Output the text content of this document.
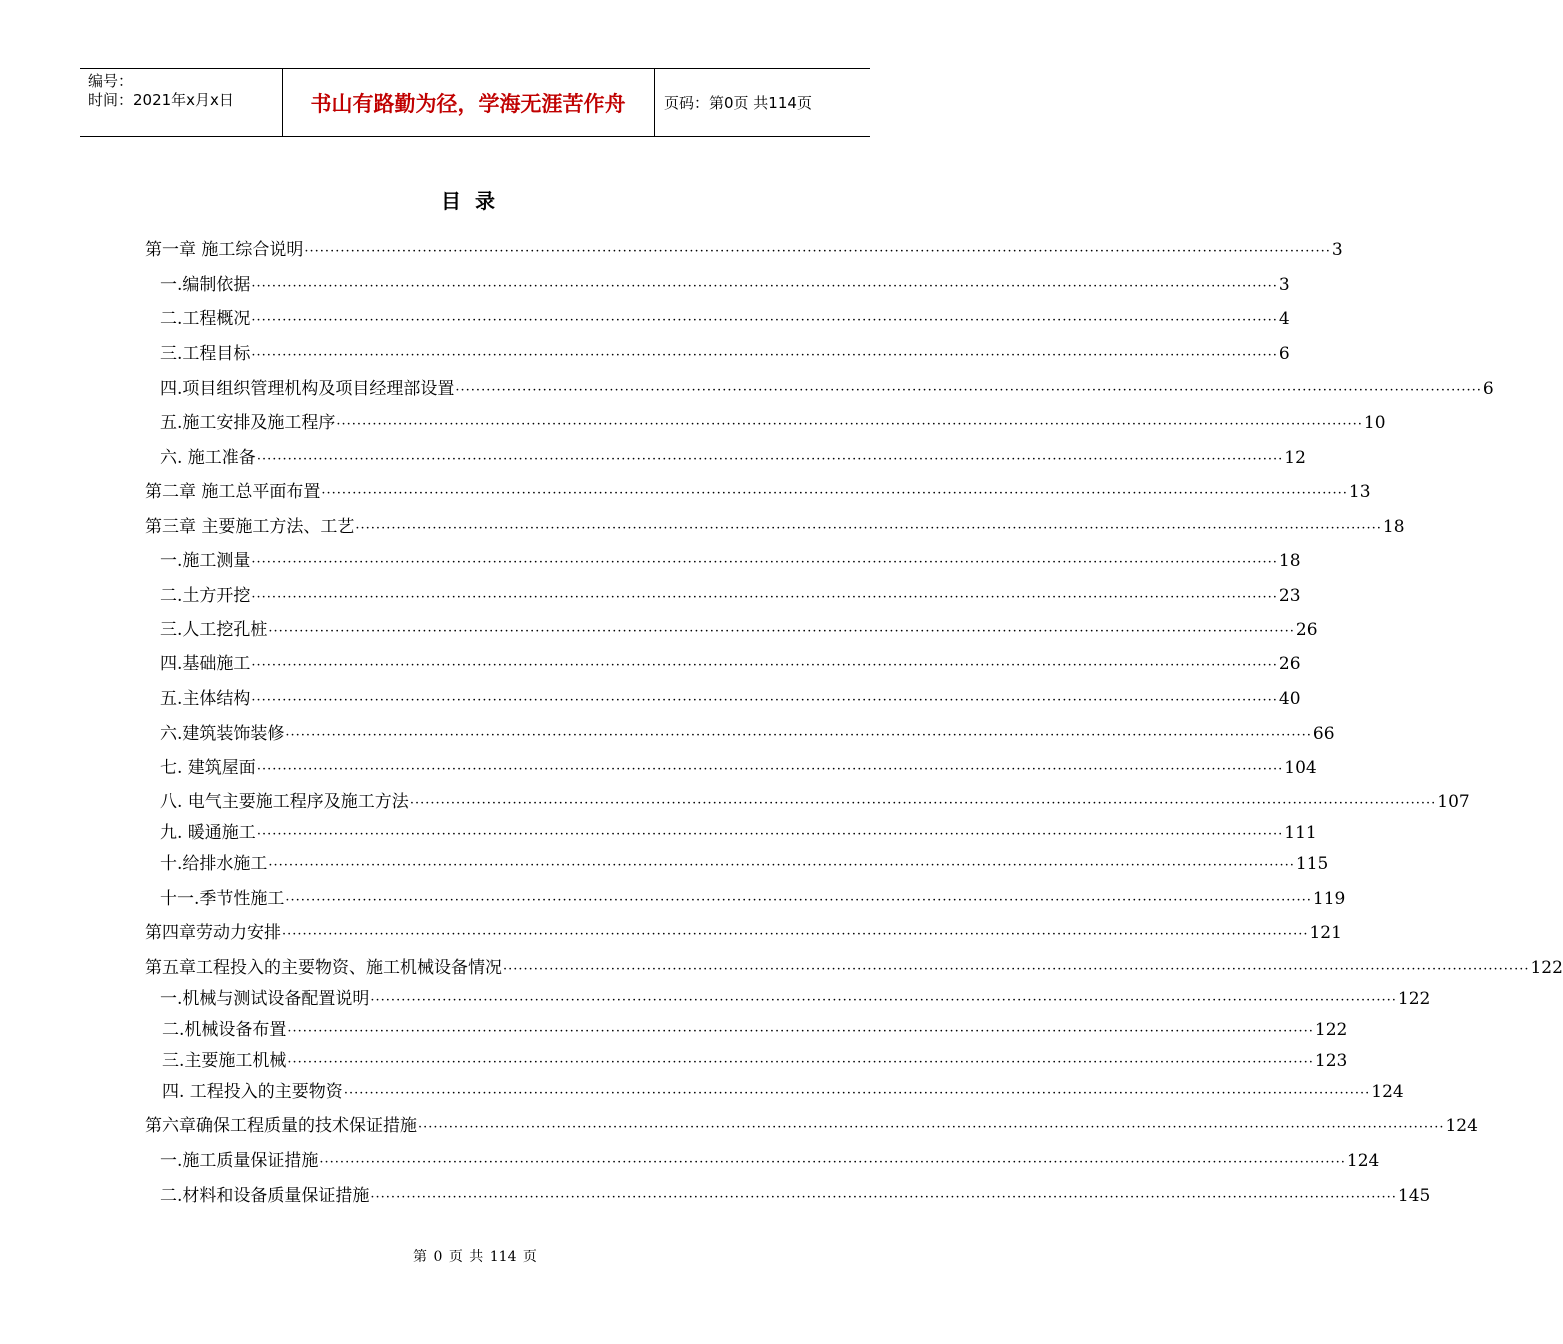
编号：
时间：2021年x月x日	书山有路勤为径，学海无涯苦作舟	页码：第0页 共114页
目录
第一章 施工综合说明 ········································································································································································································ 3
一.编制依据 ········································································································································································································ 3
二.工程概况 ········································································································································································································ 4
三.工程目标 ········································································································································································································ 6
四.项目组织管理机构及项目经理部设置 ········································································································································································································ 6
五.施工安排及施工程序 ········································································································································································································ 10
六. 施工准备 ········································································································································································································ 12
第二章 施工总平面布置 ········································································································································································································ 13
第三章 主要施工方法、工艺 ········································································································································································································ 18
一.施工测量 ········································································································································································································ 18
二.土方开挖 ········································································································································································································ 23
三.人工挖孔桩 ········································································································································································································ 26
四.基础施工 ········································································································································································································ 26
五.主体结构 ········································································································································································································ 40
六.建筑装饰装修 ········································································································································································································ 66
七. 建筑屋面 ········································································································································································································ 104
八. 电气主要施工程序及施工方法 ········································································································································································································ 107
九. 暖通施工 ········································································································································································································ 111
十.给排水施工 ········································································································································································································ 115
十一.季节性施工 ········································································································································································································ 119
第四章劳动力安排 ········································································································································································································ 121
第五章工程投入的主要物资、施工机械设备情况 ········································································································································································································ 122
一.机械与测试设备配置说明 ········································································································································································································ 122
二.机械设备布置 ········································································································································································································ 122
三.主要施工机械 ········································································································································································································ 123
四. 工程投入的主要物资 ········································································································································································································ 124
第六章确保工程质量的技术保证措施 ········································································································································································································ 124
一.施工质量保证措施 ········································································································································································································ 124
二.材料和设备质量保证措施 ········································································································································································································ 145
第 0 页 共 114 页
